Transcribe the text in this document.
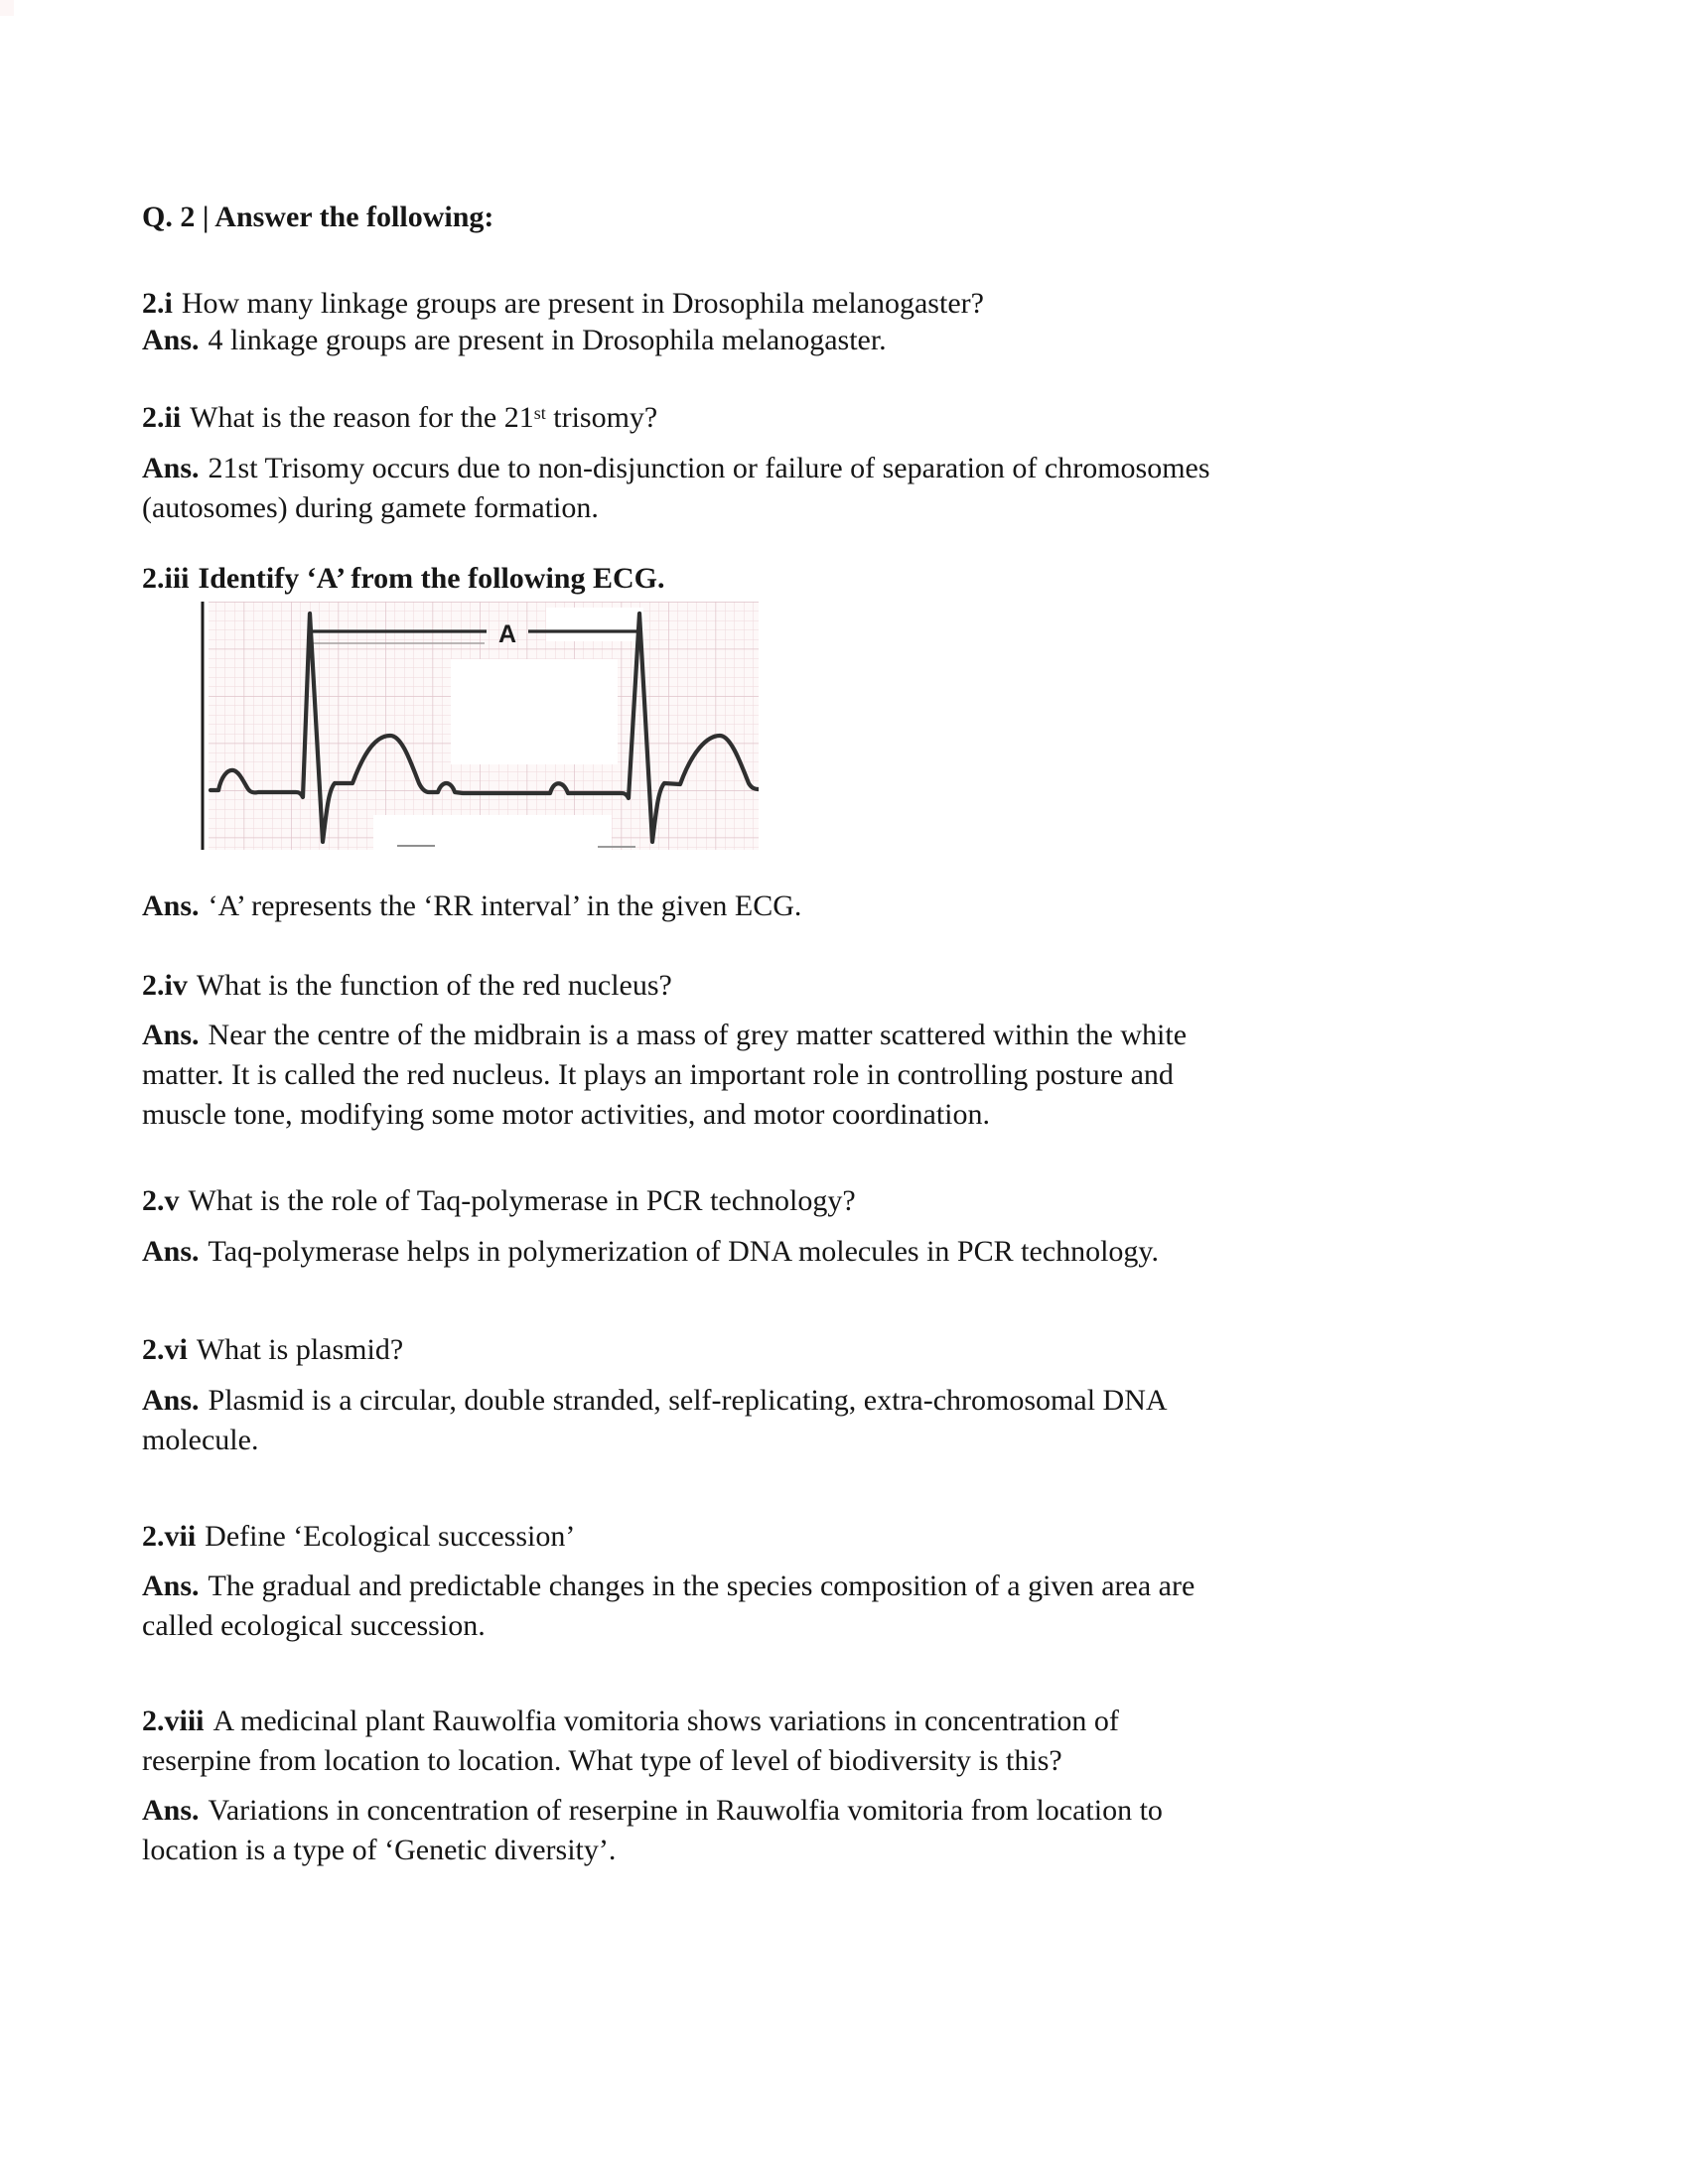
Q. 2 | Answer the following:
2.i How many linkage groups are present in Drosophila melanogaster?
Ans. 4 linkage groups are present in Drosophila melanogaster.
2.ii What is the reason for the 21st trisomy?
Ans. 21st Trisomy occurs due to non-disjunction or failure of separation of chromosomes
(autosomes) during gamete formation.
2.iii Identify ‘A’ from the following ECG.
A
Ans. ‘A’ represents the ‘RR interval’ in the given ECG.
2.iv What is the function of the red nucleus?
Ans. Near the centre of the midbrain is a mass of grey matter scattered within the white
matter. It is called the red nucleus. It plays an important role in controlling posture and
muscle tone, modifying some motor activities, and motor coordination.
2.v What is the role of Taq-polymerase in PCR technology?
Ans. Taq-polymerase helps in polymerization of DNA molecules in PCR technology.
2.vi What is plasmid?
Ans. Plasmid is a circular, double stranded, self-replicating, extra-chromosomal DNA
molecule.
2.vii Define ‘Ecological succession’
Ans. The gradual and predictable changes in the species composition of a given area are
called ecological succession.
2.viii A medicinal plant Rauwolfia vomitoria shows variations in concentration of
reserpine from location to location. What type of level of biodiversity is this?
Ans. Variations in concentration of reserpine in Rauwolfia vomitoria from location to
location is a type of ‘Genetic diversity’.
